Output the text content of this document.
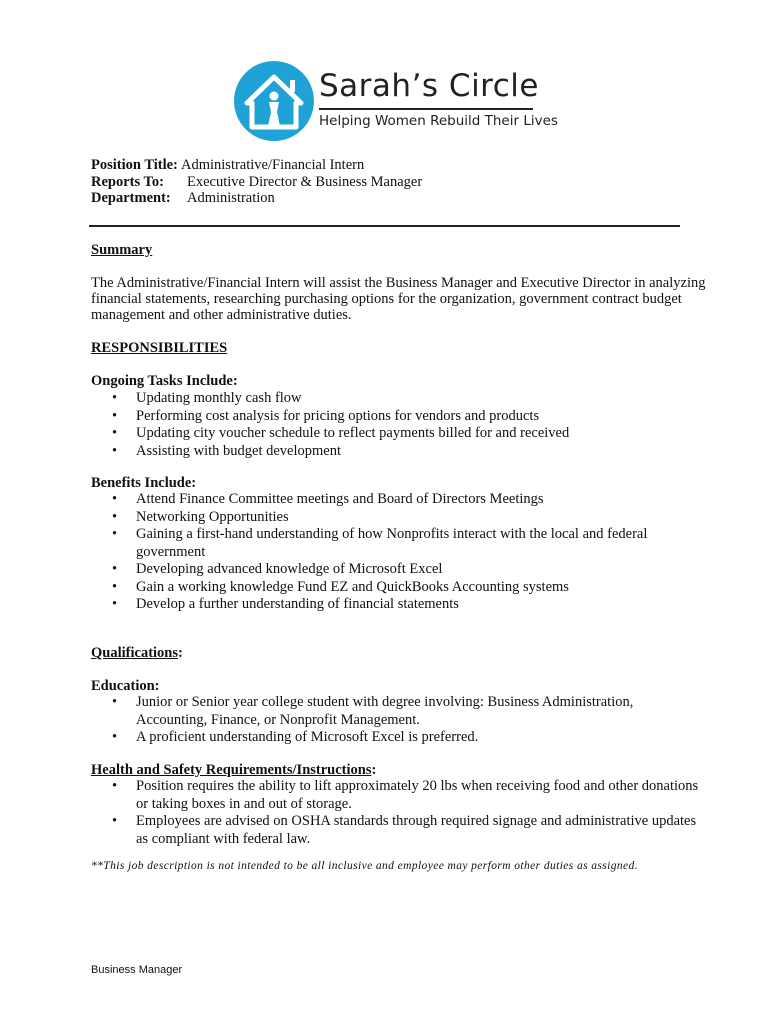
Sarah’s Circle
Helping Women Rebuild Their Lives
Position Title: Administrative/Financial Intern
Reports To: Executive Director & Business Manager
Department: Administration
Summary
The Administrative/Financial Intern will assist the Business Manager and Executive Director in analyzing
financial statements, researching purchasing options for the organization, government contract budget
management and other administrative duties.
RESPONSIBILITIES
Ongoing Tasks Include:
• Updating monthly cash flow
• Performing cost analysis for pricing options for vendors and products
• Updating city voucher schedule to reflect payments billed for and received
• Assisting with budget development
Benefits Include:
• Attend Finance Committee meetings and Board of Directors Meetings
• Networking Opportunities
• Gaining a first-hand understanding of how Nonprofits interact with the local and federal
government
• Developing advanced knowledge of Microsoft Excel
• Gain a working knowledge Fund EZ and QuickBooks Accounting systems
• Develop a further understanding of financial statements
Qualifications:
Education:
• Junior or Senior year college student with degree involving: Business Administration,
Accounting, Finance, or Nonprofit Management.
• A proficient understanding of Microsoft Excel is preferred.
Health and Safety Requirements/Instructions:
• Position requires the ability to lift approximately 20 lbs when receiving food and other donations
or taking boxes in and out of storage.
• Employees are advised on OSHA standards through required signage and administrative updates
as compliant with federal law.
**This job description is not intended to be all inclusive and employee may perform other duties as assigned.
Business Manager
